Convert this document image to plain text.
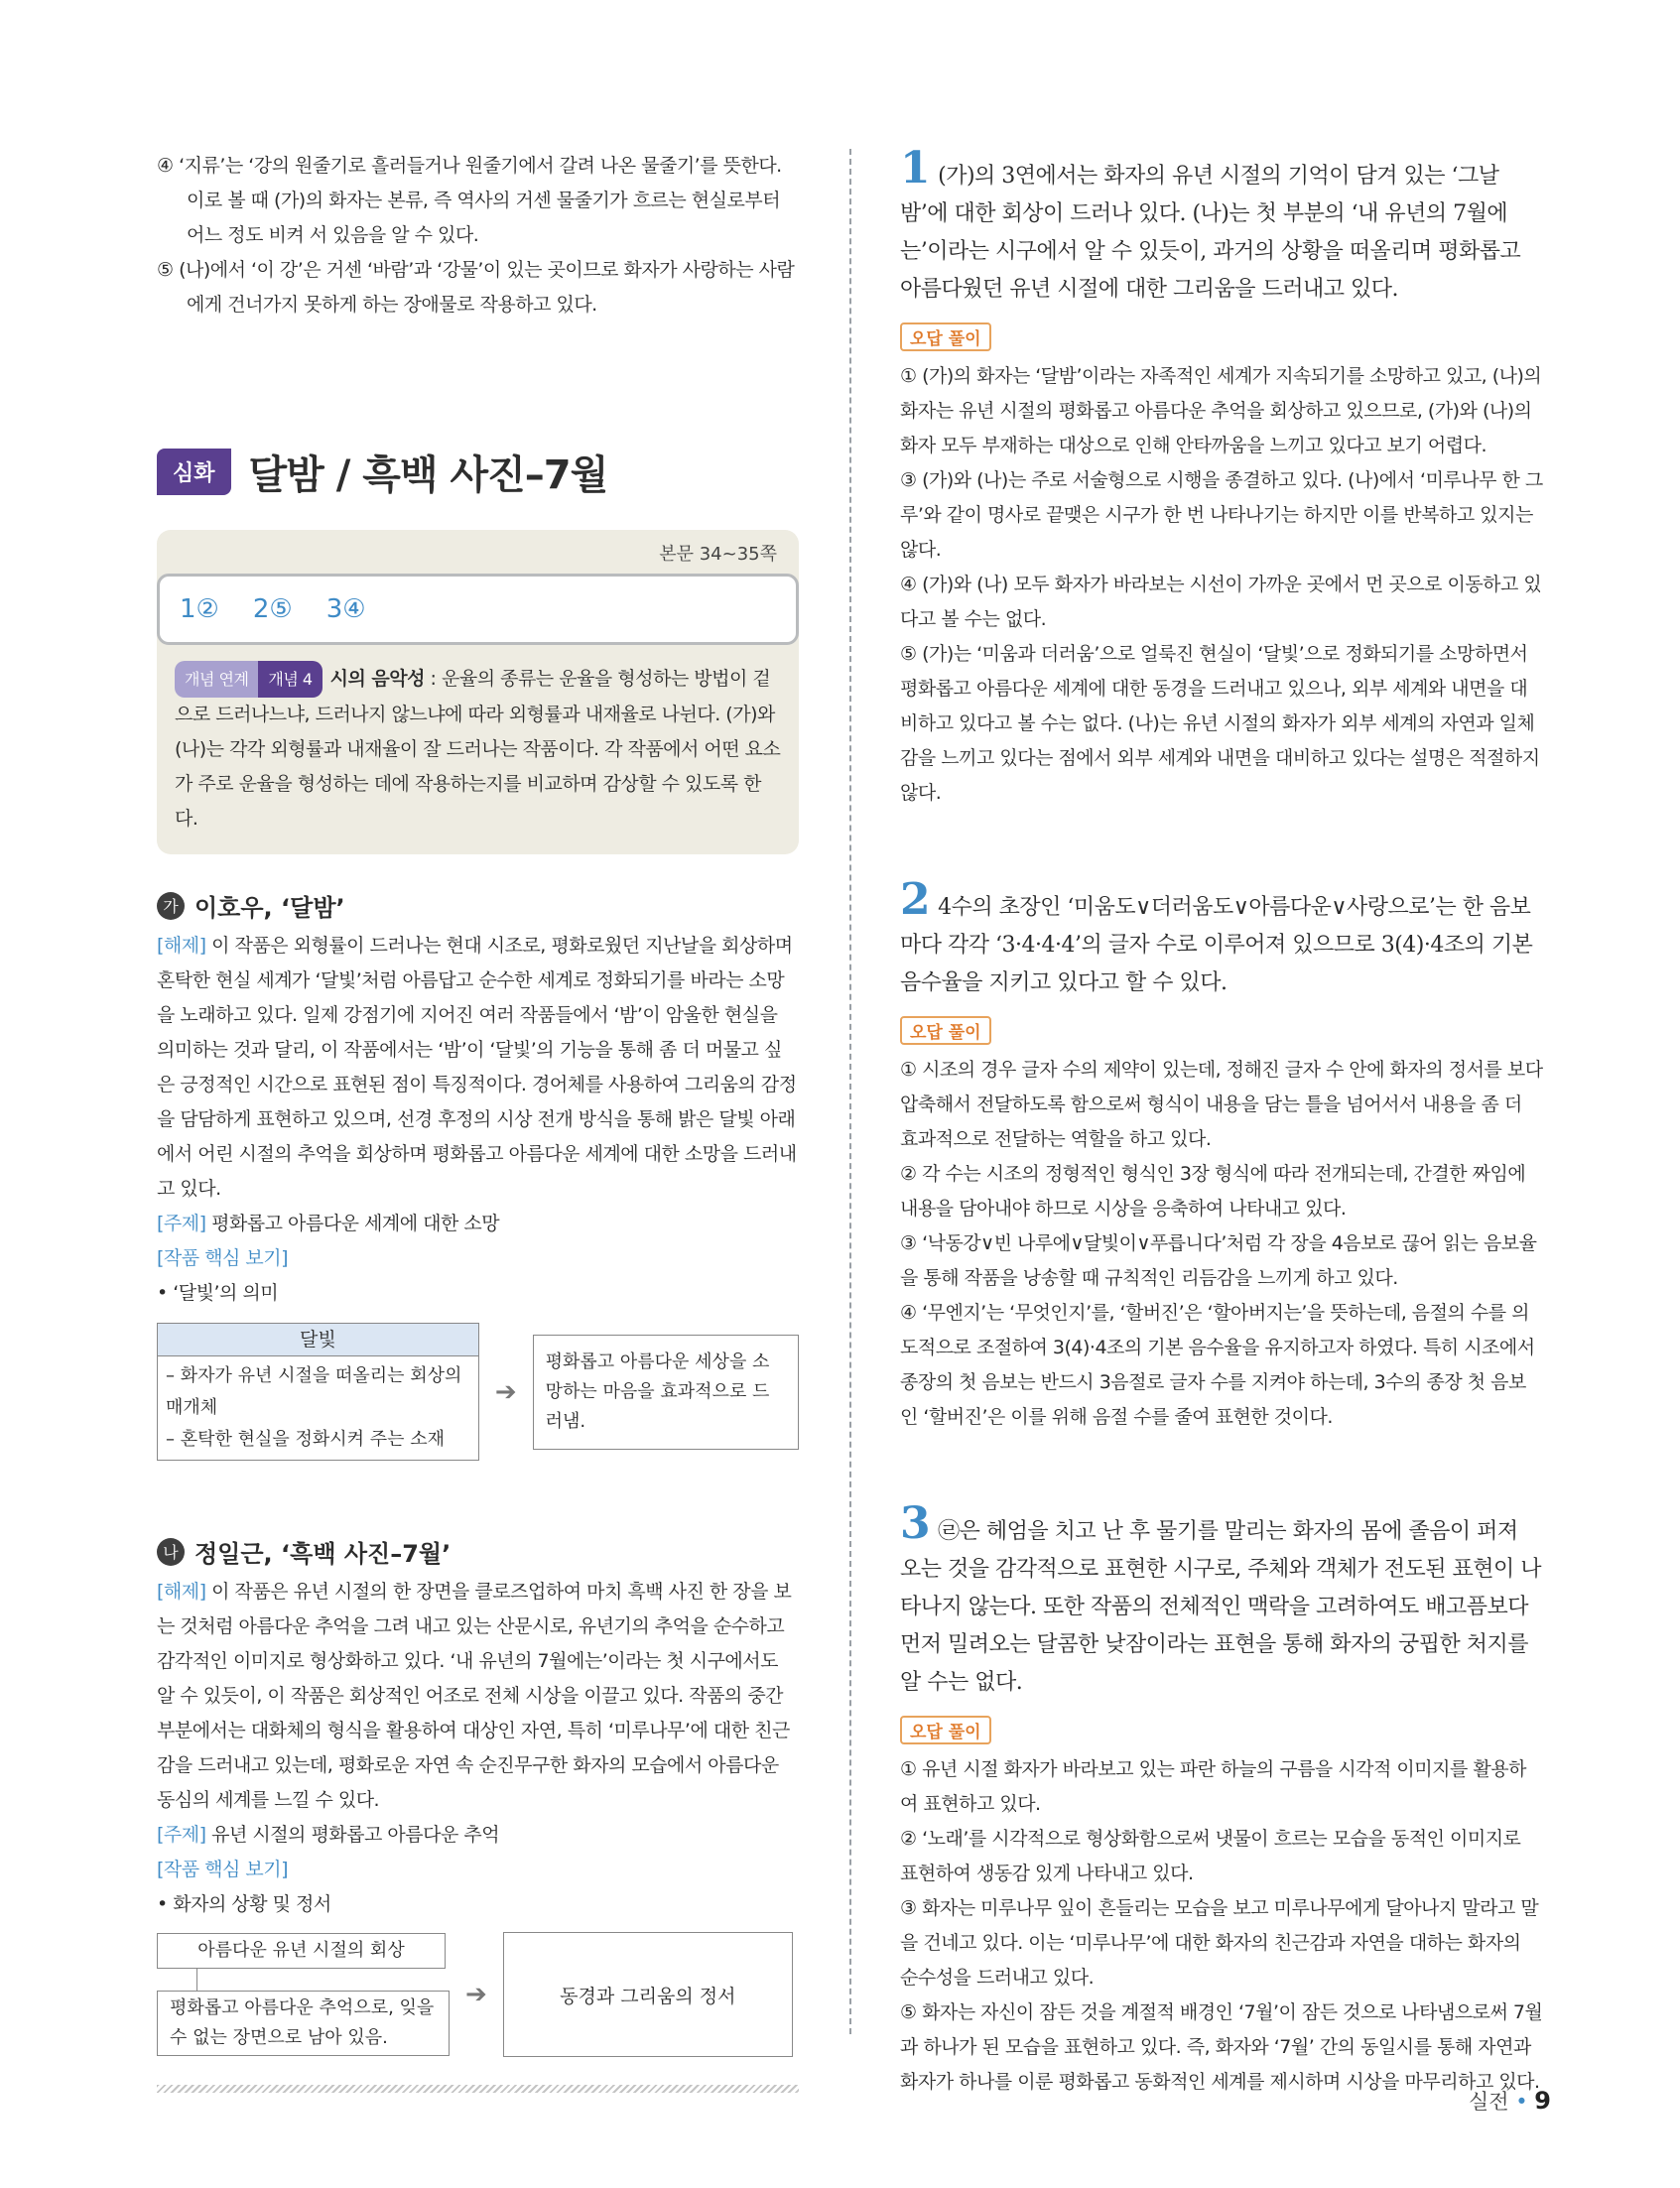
④ ‘지류’는 ‘강의 원줄기로 흘러들거나 원줄기에서 갈려 나온 물줄기’를 뜻한다. 이로 볼 때 (가)의 화자는 본류, 즉 역사의 거센 물줄기가 흐르는 현실로부터 어느 정도 비켜 서 있음을 알 수 있다.

⑤ (나)에서 ‘이 강’은 거센 ‘바람’과 ‘강물’이 있는 곳이므로 화자가 사랑하는 사람에게 건너가지 못하게 하는 장애물로 작용하고 있다.

심화 달밤 / 흑백 사진–7월
본문 34~35쪽
1② 2⑤ 3④
개념 연계 개념 4 시의 음악성 : 운율의 종류는 운율을 형성하는 방법이 겉으로 드러나느냐, 드러나지 않느냐에 따라 외형률과 내재율로 나뉜다. (가)와 (나)는 각각 외형률과 내재율이 잘 드러나는 작품이다. 각 작품에서 어떤 요소가 주로 운율을 형성하는 데에 작용하는지를 비교하며 감상할 수 있도록 한다.
가 이호우, ‘달밤’

[해제] 이 작품은 외형률이 드러나는 현대 시조로, 평화로웠던 지난날을 회상하며 혼탁한 현실 세계가 ‘달빛’처럼 아름답고 순수한 세계로 정화되기를 바라는 소망을 노래하고 있다. 일제 강점기에 지어진 여러 작품들에서 ‘밤’이 암울한 현실을 의미하는 것과 달리, 이 작품에서는 ‘밤’이 ‘달빛’의 기능을 통해 좀 더 머물고 싶은 긍정적인 시간으로 표현된 점이 특징적이다. 경어체를 사용하여 그리움의 감정을 담담하게 표현하고 있으며, 선경 후정의 시상 전개 방식을 통해 밝은 달빛 아래에서 어린 시절의 추억을 회상하며 평화롭고 아름다운 세계에 대한 소망을 드러내고 있다.

[주제] 평화롭고 아름다운 세계에 대한 소망

[작품 핵심 보기]

• ‘달빛’의 의미

달빛
– 화자가 유년 시절을 떠올리는 회상의 매개체
– 혼탁한 현실을 정화시켜 주는 소재
➔
평화롭고 아름다운 세상을 소망하는 마음을 효과적으로 드러냄.
나 정일근, ‘흑백 사진–7월’

[해제] 이 작품은 유년 시절의 한 장면을 클로즈업하여 마치 흑백 사진 한 장을 보는 것처럼 아름다운 추억을 그려 내고 있는 산문시로, 유년기의 추억을 순수하고 감각적인 이미지로 형상화하고 있다. ‘내 유년의 7월에는’이라는 첫 시구에서도 알 수 있듯이, 이 작품은 회상적인 어조로 전체 시상을 이끌고 있다. 작품의 중간 부분에서는 대화체의 형식을 활용하여 대상인 자연, 특히 ‘미루나무’에 대한 친근감을 드러내고 있는데, 평화로운 자연 속 순진무구한 화자의 모습에서 아름다운 동심의 세계를 느낄 수 있다.

[주제] 유년 시절의 평화롭고 아름다운 추억

[작품 핵심 보기]

• 화자의 상황 및 정서

아름다운 유년 시절의 회상
평화롭고 아름다운 추억으로, 잊을 수 없는 장면으로 남아 있음.
➔	동경과 그리움의 정서

1 (가)의 3연에서는 화자의 유년 시절의 기억이 담겨 있는 ‘그날 밤’에 대한 회상이 드러나 있다. (나)는 첫 부분의 ‘내 유년의 7월에는’이라는 시구에서 알 수 있듯이, 과거의 상황을 떠올리며 평화롭고 아름다웠던 유년 시절에 대한 그리움을 드러내고 있다.

오답 풀이

① (가)의 화자는 ‘달밤’이라는 자족적인 세계가 지속되기를 소망하고 있고, (나)의 화자는 유년 시절의 평화롭고 아름다운 추억을 회상하고 있으므로, (가)와 (나)의 화자 모두 부재하는 대상으로 인해 안타까움을 느끼고 있다고 보기 어렵다.

③ (가)와 (나)는 주로 서술형으로 시행을 종결하고 있다. (나)에서 ‘미루나무 한 그루’와 같이 명사로 끝맺은 시구가 한 번 나타나기는 하지만 이를 반복하고 있지는 않다.

④ (가)와 (나) 모두 화자가 바라보는 시선이 가까운 곳에서 먼 곳으로 이동하고 있다고 볼 수는 없다.

⑤ (가)는 ‘미움과 더러움’으로 얼룩진 현실이 ‘달빛’으로 정화되기를 소망하면서 평화롭고 아름다운 세계에 대한 동경을 드러내고 있으나, 외부 세계와 내면을 대비하고 있다고 볼 수는 없다. (나)는 유년 시절의 화자가 외부 세계의 자연과 일체감을 느끼고 있다는 점에서 외부 세계와 내면을 대비하고 있다는 설명은 적절하지 않다.

2 4수의 초장인 ‘미움도∨더러움도∨아름다운∨사랑으로’는 한 음보마다 각각 ‘3·4·4·4’의 글자 수로 이루어져 있으므로 3(4)·4조의 기본 음수율을 지키고 있다고 할 수 있다.

오답 풀이

① 시조의 경우 글자 수의 제약이 있는데, 정해진 글자 수 안에 화자의 정서를 보다 압축해서 전달하도록 함으로써 형식이 내용을 담는 틀을 넘어서서 내용을 좀 더 효과적으로 전달하는 역할을 하고 있다.

② 각 수는 시조의 정형적인 형식인 3장 형식에 따라 전개되는데, 간결한 짜임에 내용을 담아내야 하므로 시상을 응축하여 나타내고 있다.

③ ‘낙동강∨빈 나루에∨달빛이∨푸릅니다’처럼 각 장을 4음보로 끊어 읽는 음보율을 통해 작품을 낭송할 때 규칙적인 리듬감을 느끼게 하고 있다.

④ ‘무엔지’는 ‘무엇인지’를, ‘할버진’은 ‘할아버지는’을 뜻하는데, 음절의 수를 의도적으로 조절하여 3(4)·4조의 기본 음수율을 유지하고자 하였다. 특히 시조에서 종장의 첫 음보는 반드시 3음절로 글자 수를 지켜야 하는데, 3수의 종장 첫 음보인 ‘할버진’은 이를 위해 음절 수를 줄여 표현한 것이다.

3 ㉣은 헤엄을 치고 난 후 물기를 말리는 화자의 몸에 졸음이 퍼져 오는 것을 감각적으로 표현한 시구로, 주체와 객체가 전도된 표현이 나타나지 않는다. 또한 작품의 전체적인 맥락을 고려하여도 배고픔보다 먼저 밀려오는 달콤한 낮잠이라는 표현을 통해 화자의 궁핍한 처지를 알 수는 없다.

오답 풀이

① 유년 시절 화자가 바라보고 있는 파란 하늘의 구름을 시각적 이미지를 활용하여 표현하고 있다.

② ‘노래’를 시각적으로 형상화함으로써 냇물이 흐르는 모습을 동적인 이미지로 표현하여 생동감 있게 나타내고 있다.

③ 화자는 미루나무 잎이 흔들리는 모습을 보고 미루나무에게 달아나지 말라고 말을 건네고 있다. 이는 ‘미루나무’에 대한 화자의 친근감과 자연을 대하는 화자의 순수성을 드러내고 있다.

⑤ 화자는 자신이 잠든 것을 계절적 배경인 ‘7월’이 잠든 것으로 나타냄으로써 7월과 하나가 된 모습을 표현하고 있다. 즉, 화자와 ‘7월’ 간의 동일시를 통해 자연과 화자가 하나를 이룬 평화롭고 동화적인 세계를 제시하며 시상을 마무리하고 있다.

실전 • 9
